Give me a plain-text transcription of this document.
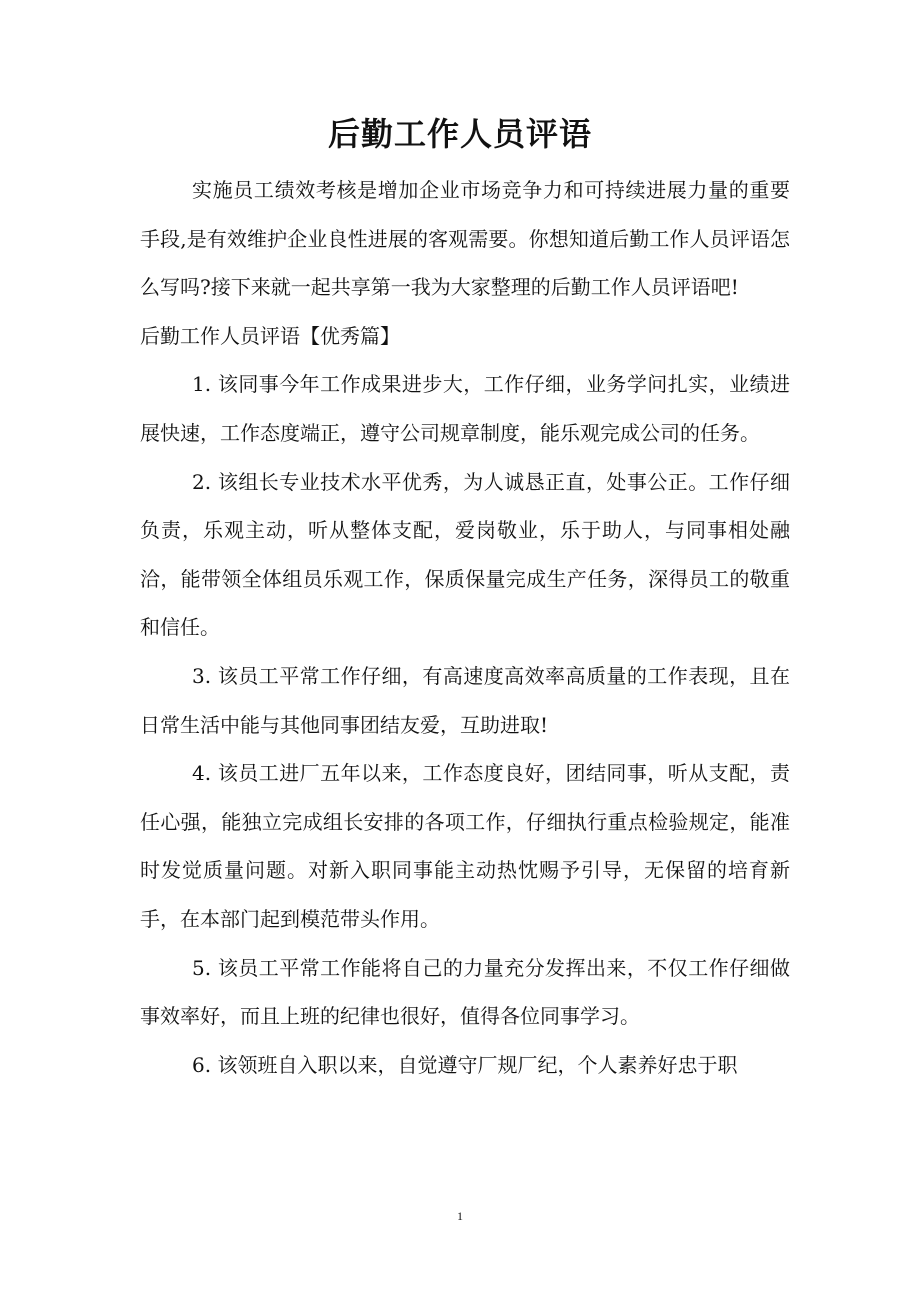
后勤工作人员评语

实施员工绩效考核是增加企业市场竞争力和可持续进展力量的重要手段,是有效维护企业良性进展的客观需要。你想知道后勤工作人员评语怎么写吗?接下来就一起共享第一我为大家整理的后勤工作人员评语吧!

后勤工作人员评语【优秀篇】

1. 该同事今年工作成果进步大，工作仔细，业务学问扎实，业绩进展快速，工作态度端正，遵守公司规章制度，能乐观完成公司的任务。

2. 该组长专业技术水平优秀，为人诚恳正直，处事公正。工作仔细负责，乐观主动，听从整体支配，爱岗敬业，乐于助人，与同事相处融洽，能带领全体组员乐观工作，保质保量完成生产任务，深得员工的敬重和信任。

3. 该员工平常工作仔细，有高速度高效率高质量的工作表现，且在日常生活中能与其他同事团结友爱，互助进取!

4. 该员工进厂五年以来，工作态度良好，团结同事，听从支配，责任心强，能独立完成组长安排的各项工作，仔细执行重点检验规定，能准时发觉质量问题。对新入职同事能主动热忱赐予引导，无保留的培育新手，在本部门起到模范带头作用。

5. 该员工平常工作能将自己的力量充分发挥出来，不仅工作仔细做事效率好，而且上班的纪律也很好，值得各位同事学习。

6. 该领班自入职以来，自觉遵守厂规厂纪，个人素养好忠于职

1
